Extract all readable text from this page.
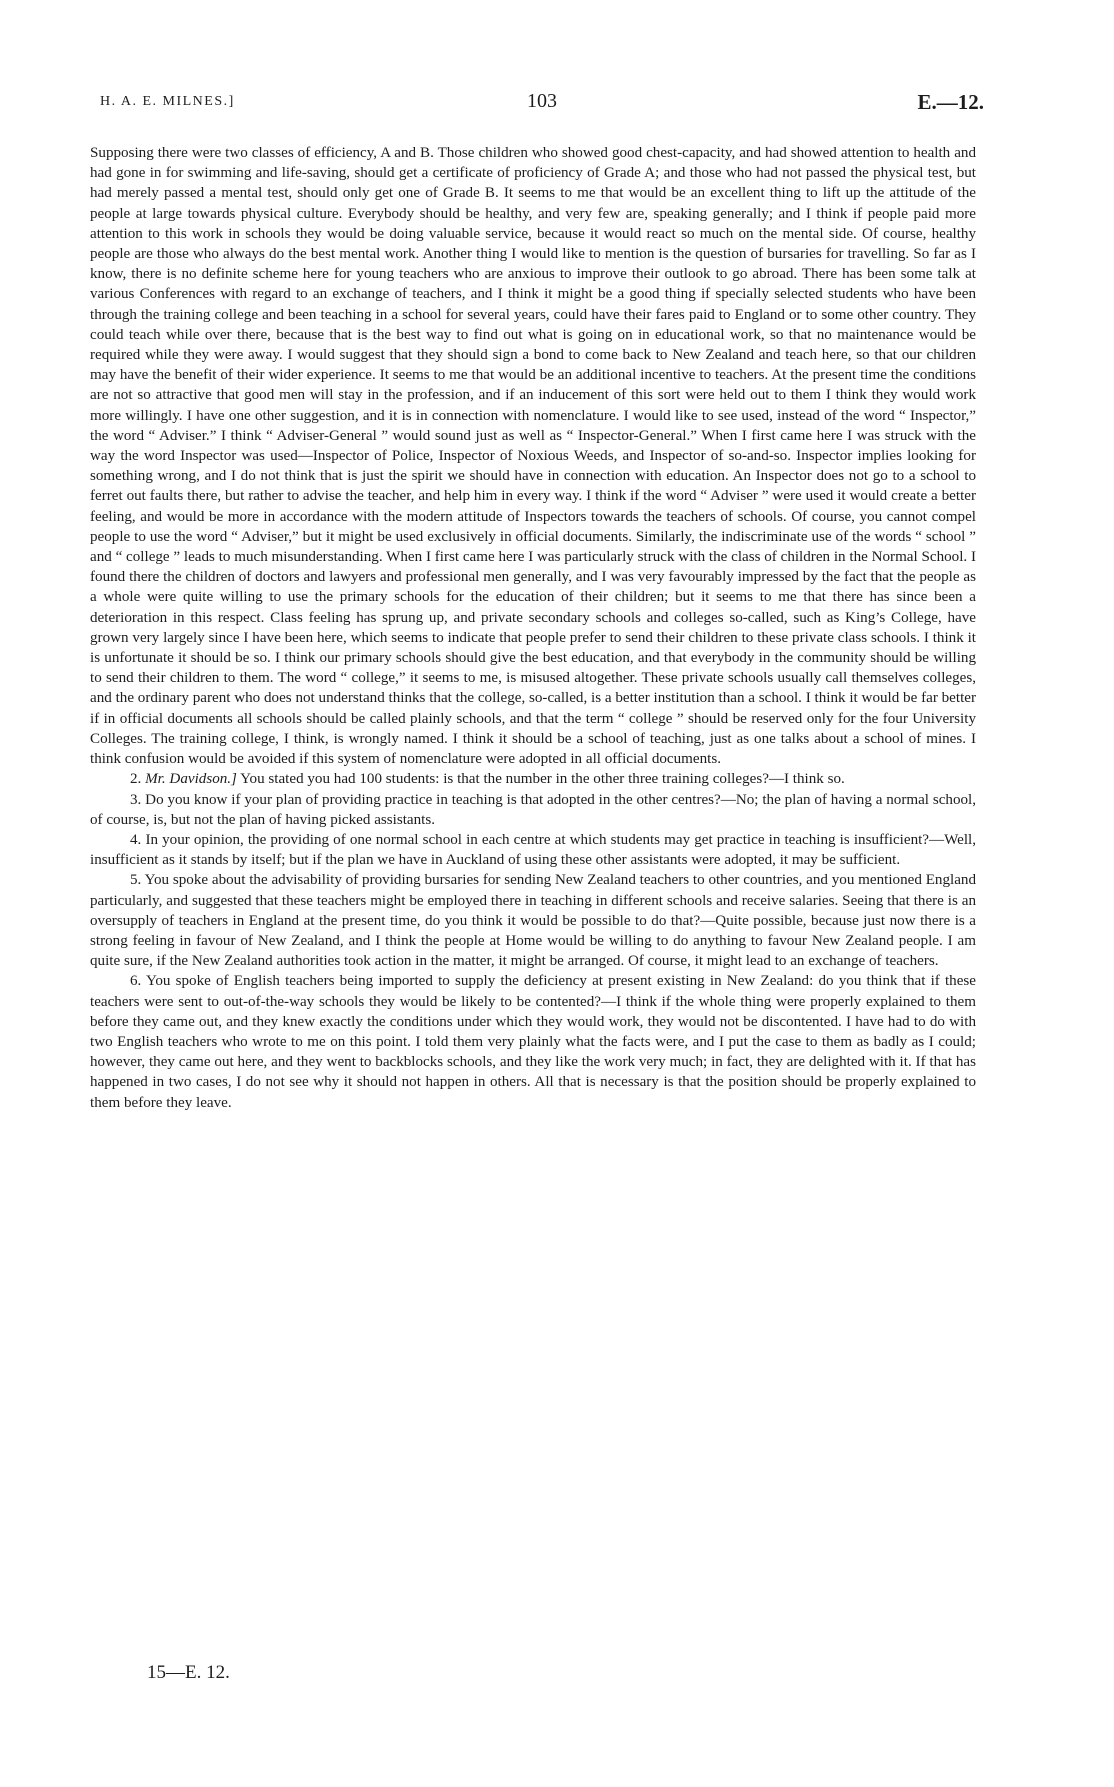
H. A. E. MILNES.]	103	E.—12.

Supposing there were two classes of efficiency, A and B. Those children who showed good chest-capacity, and had showed attention to health and had gone in for swimming and life-saving, should get a certificate of proficiency of Grade A; and those who had not passed the physical test, but had merely passed a mental test, should only get one of Grade B. It seems to me that would be an excellent thing to lift up the attitude of the people at large towards physical culture. Everybody should be healthy, and very few are, speaking generally; and I think if people paid more attention to this work in schools they would be doing valuable service, because it would react so much on the mental side. Of course, healthy people are those who always do the best mental work. Another thing I would like to mention is the question of bursaries for travelling. So far as I know, there is no definite scheme here for young teachers who are anxious to improve their outlook to go abroad. There has been some talk at various Conferences with regard to an exchange of teachers, and I think it might be a good thing if specially selected students who have been through the training college and been teaching in a school for several years, could have their fares paid to England or to some other country. They could teach while over there, because that is the best way to find out what is going on in educational work, so that no maintenance would be required while they were away. I would suggest that they should sign a bond to come back to New Zealand and teach here, so that our children may have the benefit of their wider experience. It seems to me that would be an additional incentive to teachers. At the present time the conditions are not so attractive that good men will stay in the profession, and if an inducement of this sort were held out to them I think they would work more willingly. I have one other suggestion, and it is in connection with nomenclature. I would like to see used, instead of the word “ Inspector,” the word “ Adviser.” I think “ Adviser-General ” would sound just as well as “ Inspector-General.” When I first came here I was struck with the way the word Inspector was used—Inspector of Police, Inspector of Noxious Weeds, and Inspector of so-and-so. Inspector implies looking for something wrong, and I do not think that is just the spirit we should have in connection with education. An Inspector does not go to a school to ferret out faults there, but rather to advise the teacher, and help him in every way. I think if the word “ Adviser ” were used it would create a better feeling, and would be more in accordance with the modern attitude of Inspectors towards the teachers of schools. Of course, you cannot compel people to use the word “ Adviser,” but it might be used exclusively in official documents. Similarly, the indiscriminate use of the words “ school ” and “ college ” leads to much misunderstanding. When I first came here I was particularly struck with the class of children in the Normal School. I found there the children of doctors and lawyers and professional men generally, and I was very favourably impressed by the fact that the people as a whole were quite willing to use the primary schools for the education of their children; but it seems to me that there has since been a deterioration in this respect. Class feeling has sprung up, and private secondary schools and colleges so-called, such as King’s College, have grown very largely since I have been here, which seems to indicate that people prefer to send their children to these private class schools. I think it is unfortunate it should be so. I think our primary schools should give the best education, and that everybody in the community should be willing to send their children to them. The word “ college,” it seems to me, is misused altogether. These private schools usually call themselves colleges, and the ordinary parent who does not understand thinks that the college, so-called, is a better institution than a school. I think it would be far better if in official documents all schools should be called plainly schools, and that the term “ college ” should be reserved only for the four University Colleges. The training college, I think, is wrongly named. I think it should be a school of teaching, just as one talks about a school of mines. I think confusion would be avoided if this system of nomenclature were adopted in all official documents.

2. Mr. Davidson.] You stated you had 100 students: is that the number in the other three training colleges?—I think so.

3. Do you know if your plan of providing practice in teaching is that adopted in the other centres?—No; the plan of having a normal school, of course, is, but not the plan of having picked assistants.

4. In your opinion, the providing of one normal school in each centre at which students may get practice in teaching is insufficient?—Well, insufficient as it stands by itself; but if the plan we have in Auckland of using these other assistants were adopted, it may be sufficient.

5. You spoke about the advisability of providing bursaries for sending New Zealand teachers to other countries, and you mentioned England particularly, and suggested that these teachers might be employed there in teaching in different schools and receive salaries. Seeing that there is an oversupply of teachers in England at the present time, do you think it would be possible to do that?—Quite possible, because just now there is a strong feeling in favour of New Zealand, and I think the people at Home would be willing to do anything to favour New Zealand people. I am quite sure, if the New Zealand authorities took action in the matter, it might be arranged. Of course, it might lead to an exchange of teachers.

6. You spoke of English teachers being imported to supply the deficiency at present existing in New Zealand: do you think that if these teachers were sent to out-of-the-way schools they would be likely to be contented?—I think if the whole thing were properly explained to them before they came out, and they knew exactly the conditions under which they would work, they would not be discontented. I have had to do with two English teachers who wrote to me on this point. I told them very plainly what the facts were, and I put the case to them as badly as I could; however, they came out here, and they went to backblocks schools, and they like the work very much; in fact, they are delighted with it. If that has happened in two cases, I do not see why it should not happen in others. All that is necessary is that the position should be properly explained to them before they leave.

15—E. 12.
